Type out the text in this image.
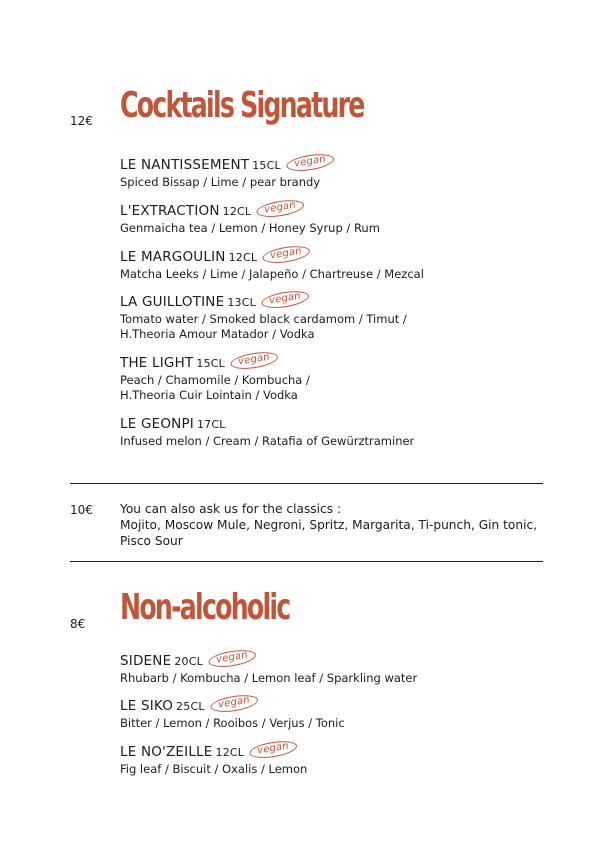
12€ Cocktails Signature
LE NANTISSEMENT 15CL vegan
Spiced Bissap / Lime / pear brandy
L'EXTRACTION 12CL vegan
Genmaicha tea / Lemon / Honey Syrup / Rum
LE MARGOULIN 12CL vegan
Matcha Leeks / Lime / Jalapeño / Chartreuse / Mezcal
LA GUILLOTINE 13CL vegan
Tomato water / Smoked black cardamom / Timut /
H.Theoria Amour Matador / Vodka
THE LIGHT 15CL vegan
Peach / Chamomile / Kombucha /
H.Theoria Cuir Lointain / Vodka
LE GEONPI 17CL
Infused melon / Cream / Ratafia of Gewürztraminer
10€ You can also ask us for the classics :
Mojito, Moscow Mule, Negroni, Spritz, Margarita, Ti-punch, Gin tonic, Pisco Sour
8€ Non-alcoholic
SIDENE 20CL vegan
Rhubarb / Kombucha / Lemon leaf / Sparkling water
LE SIKO 25CL vegan
Bitter / Lemon / Rooibos / Verjus / Tonic
LE NO'ZEILLE 12CL vegan
Fig leaf / Biscuit / Oxalis / Lemon
